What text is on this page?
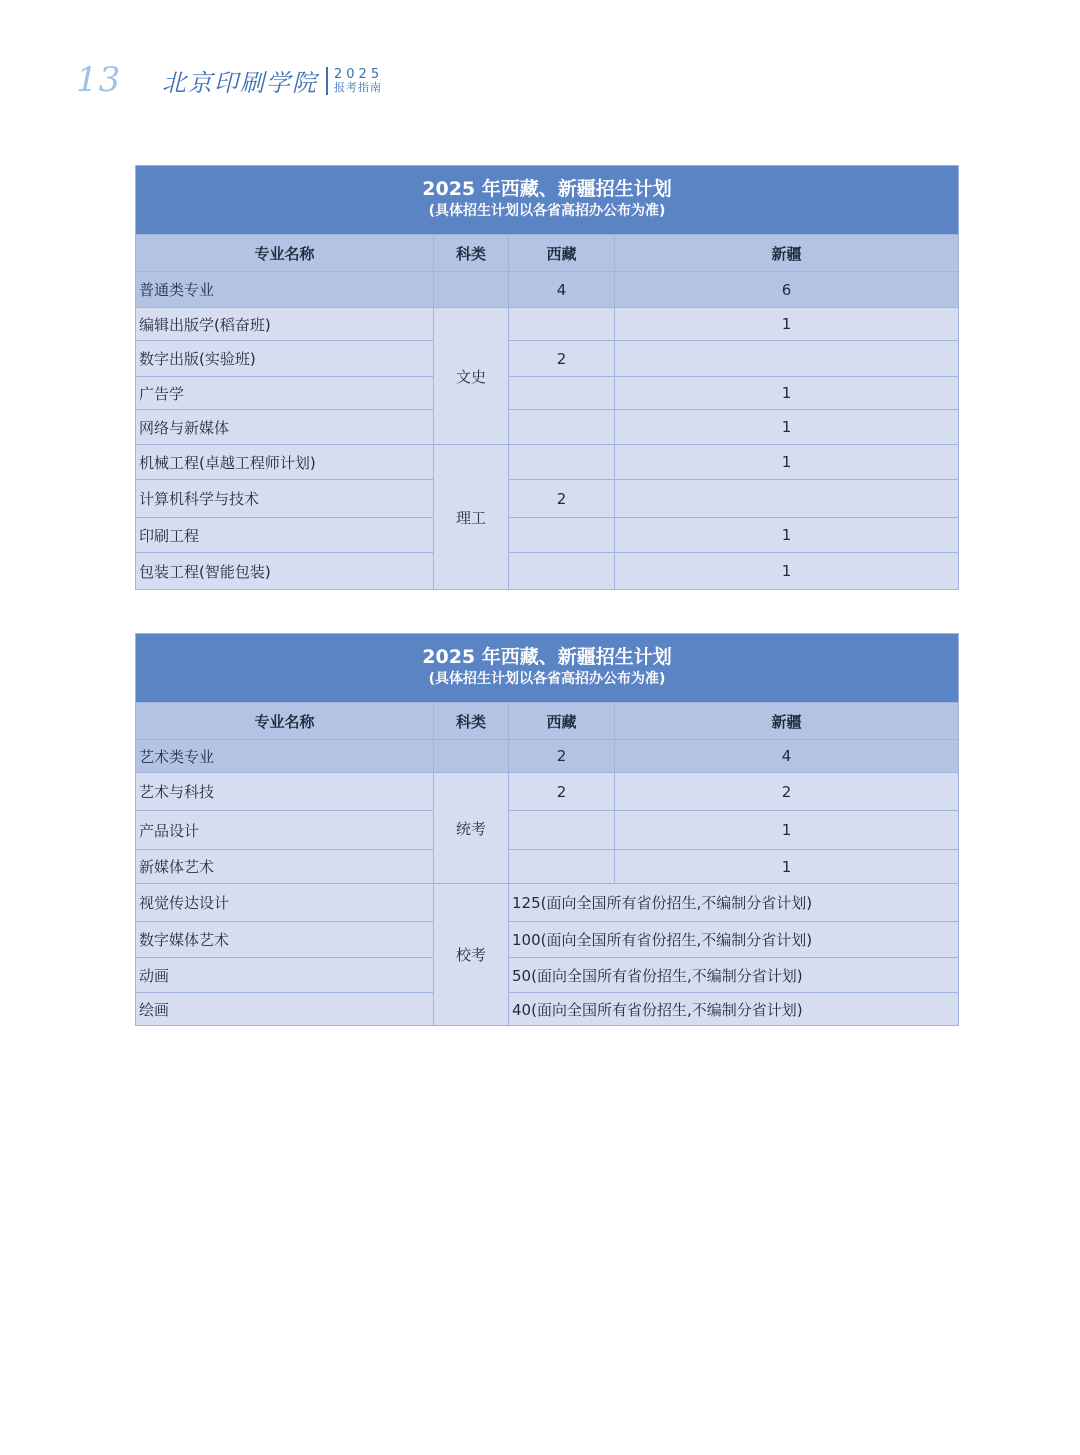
13 北京印刷学院 2025
报考指南
2025 年西藏、新疆招生计划
(具体招生计划以各省高招办公布为准)			

专业名称	科类	西藏	新疆
普通类专业		4	6
编辑出版学(稻奋班)	文史		1
数字出版(实验班)		2	
广告学			1
网络与新媒体			1
机械工程(卓越工程师计划)	理工		1
计算机科学与技术		2	
印刷工程			1
包装工程(智能包装)			1
2025 年西藏、新疆招生计划
(具体招生计划以各省高招办公布为准)			

专业名称	科类	西藏	新疆
艺术类专业		2	4
艺术与科技	统考	2	2
产品设计			1
新媒体艺术			1
视觉传达设计	校考	125(面向全国所有省份招生,不编制分省计划)	
数字媒体艺术		100(面向全国所有省份招生,不编制分省计划)	
动画		50(面向全国所有省份招生,不编制分省计划)	
绘画		40(面向全国所有省份招生,不编制分省计划)	
